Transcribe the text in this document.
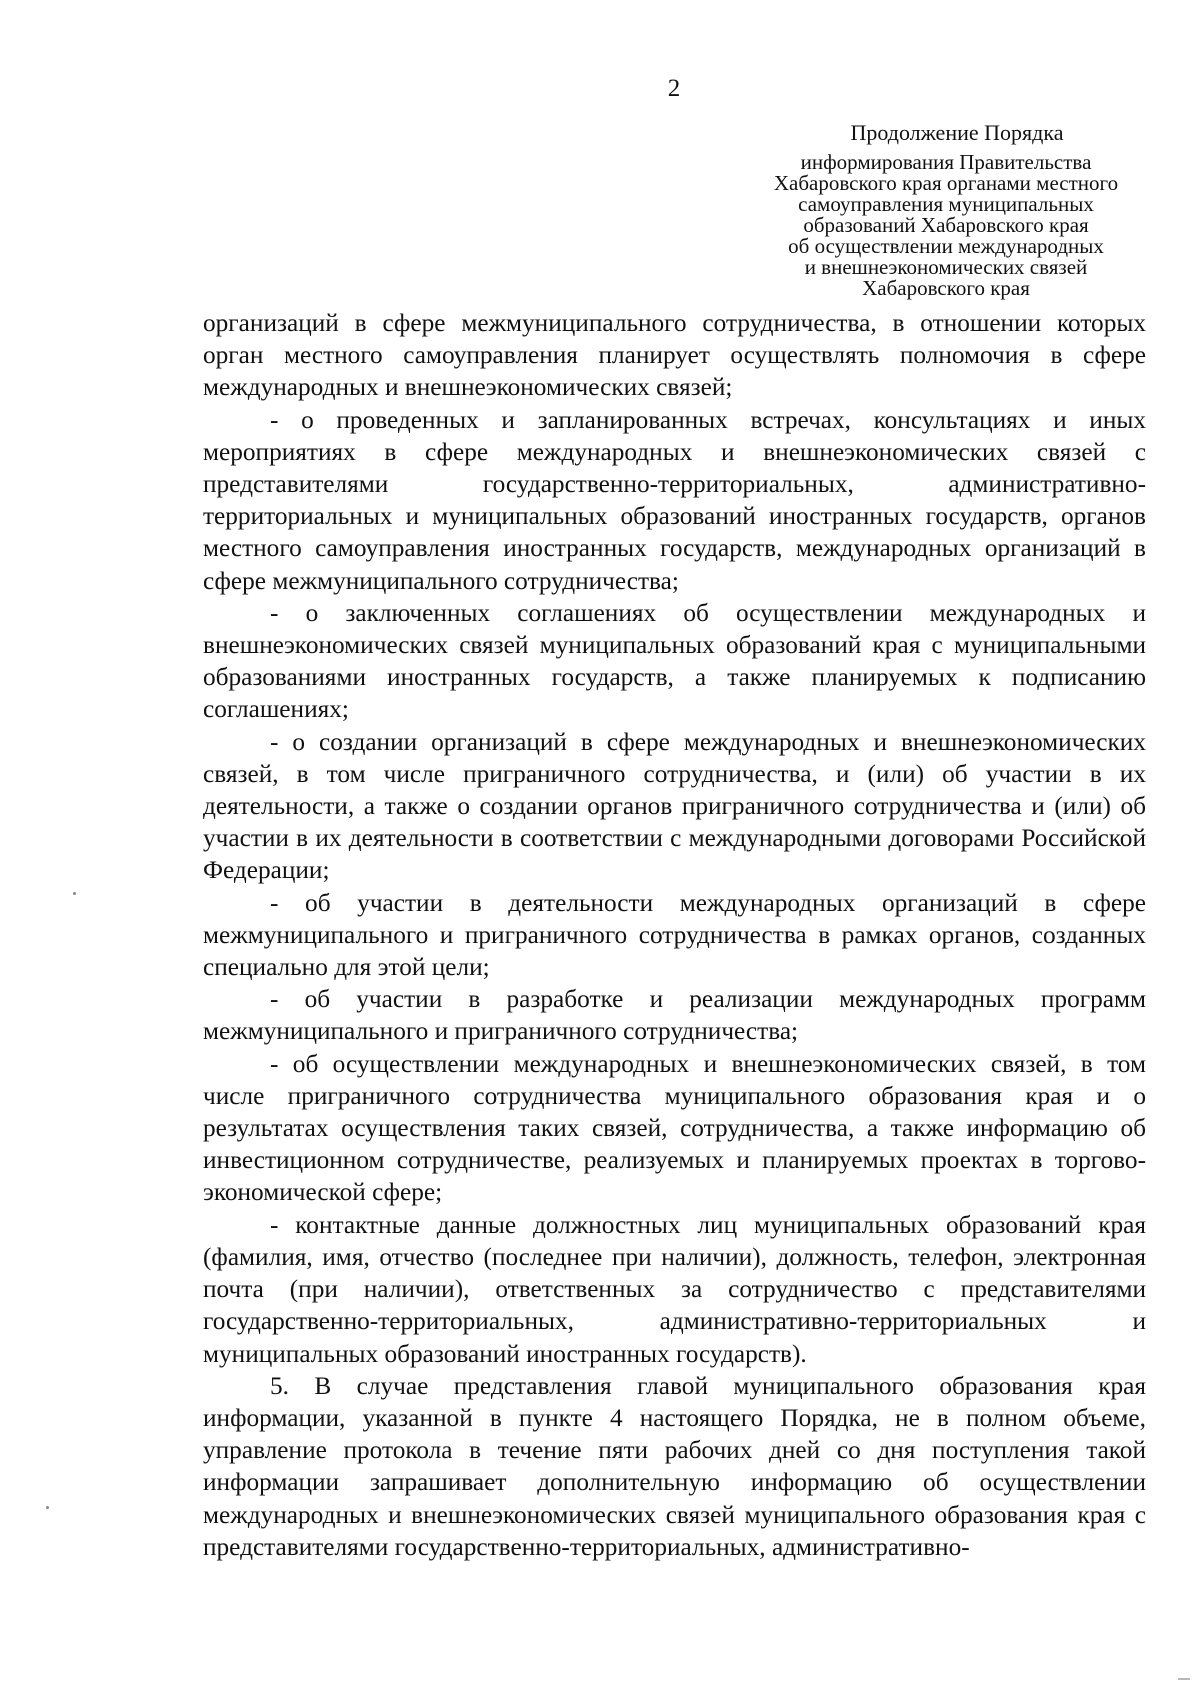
2
Продолжение Порядка
информирования Правительства
Хабаровского края органами местного
самоуправления муниципальных
образований Хабаровского края
об осуществлении международных
и внешнеэкономических связей
Хабаровского края

организаций в сфере межмуниципального сотрудничества, в отношении которых орган местного самоуправления планирует осуществлять полномочия в сфере международных и внешнеэкономических связей;

- о проведенных и запланированных встречах, консультациях и иных мероприятиях в сфере международных и внешнеэкономических связей с представителями государственно-территориальных, административно-территориальных и муниципальных образований иностранных государств, органов местного самоуправления иностранных государств, международных организаций в сфере межмуниципального сотрудничества;

- о заключенных соглашениях об осуществлении международных и внешнеэкономических связей муниципальных образований края с муниципальными образованиями иностранных государств, а также планируемых к подписанию соглашениях;

- о создании организаций в сфере международных и внешнеэкономических связей, в том числе приграничного сотрудничества, и (или) об участии в их деятельности, а также о создании органов приграничного сотрудничества и (или) об участии в их деятельности в соответствии с международными договорами Российской Федерации;

- об участии в деятельности международных организаций в сфере межмуниципального и приграничного сотрудничества в рамках органов, созданных специально для этой цели;

- об участии в разработке и реализации международных программ межмуниципального и приграничного сотрудничества;

- об осуществлении международных и внешнеэкономических связей, в том числе приграничного сотрудничества муниципального образования края и о результатах осуществления таких связей, сотрудничества, а также информацию об инвестиционном сотрудничестве, реализуемых и планируемых проектах в торгово-экономической сфере;

- контактные данные должностных лиц муниципальных образований края (фамилия, имя, отчество (последнее при наличии), должность, телефон, электронная почта (при наличии), ответственных за сотрудничество с представителями государственно-территориальных, административно-территориальных и муниципальных образований иностранных государств).

5. В случае представления главой муниципального образования края информации, указанной в пункте 4 настоящего Порядка, не в полном объеме, управление протокола в течение пяти рабочих дней со дня поступления такой информации запрашивает дополнительную информацию об осуществлении международных и внешнеэкономических связей муниципального образования края с представителями государственно-территориальных, административно-
